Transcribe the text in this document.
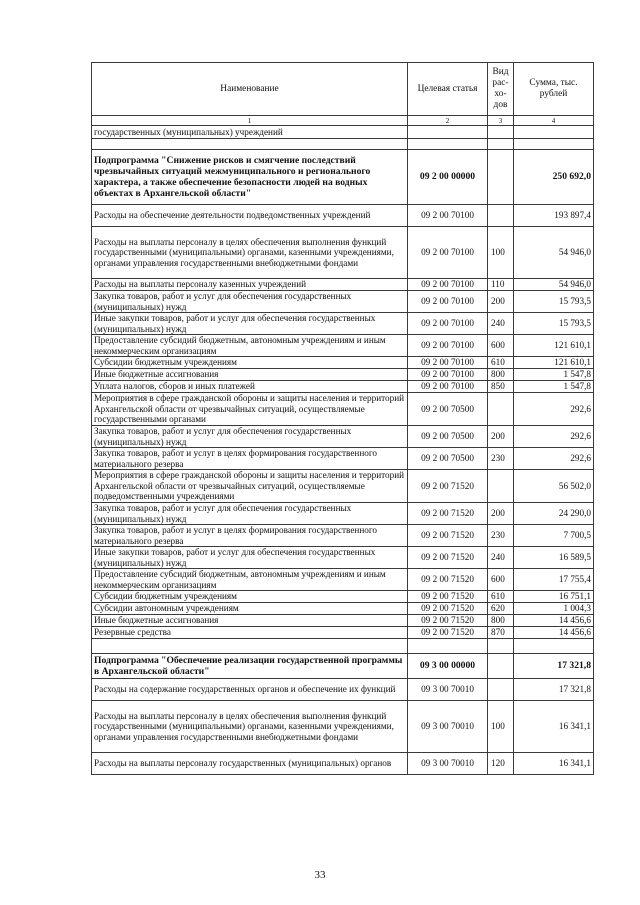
Наименование	Целевая статья	Вид рас-хо-дов	Сумма, тыс. рублей
1	2	3	4
государственных (муниципальных) учреждений			

Подпрограмма "Снижение рисков и смягчение последствий чрезвычайных ситуаций межмуниципального и регионального характера, а также обеспечение безопасности людей на водных объектах в Архангельской области"	09 2 00 00000		250 692,0
Расходы на обеспечение деятельности подведомственных учреждений	09 2 00 70100		193 897,4
Расходы на выплаты персоналу в целях обеспечения выполнения функций государственными (муниципальными) органами, казенными учреждениями, органами управления государственными внебюджетными фондами	09 2 00 70100	100	54 946,0
Расходы на выплаты персоналу казенных учреждений	09 2 00 70100	110	54 946,0
Закупка товаров, работ и услуг для обеспечения государственных (муниципальных) нужд	09 2 00 70100	200	15 793,5
Иные закупки товаров, работ и услуг для обеспечения государственных (муниципальных) нужд	09 2 00 70100	240	15 793,5
Предоставление субсидий бюджетным, автономным учреждениям и иным некоммерческим организациям	09 2 00 70100	600	121 610,1
Субсидии бюджетным учреждениям	09 2 00 70100	610	121 610,1
Иные бюджетные ассигнования	09 2 00 70100	800	1 547,8
Уплата налогов, сборов и иных платежей	09 2 00 70100	850	1 547,8
Мероприятия в сфере гражданской обороны и защиты населения и территорий Архангельской области от чрезвычайных ситуаций, осуществляемые государственными органами	09 2 00 70500		292,6
Закупка товаров, работ и услуг для обеспечения государственных (муниципальных) нужд	09 2 00 70500	200	292,6
Закупка товаров, работ и услуг в целях формирования государственного материального резерва	09 2 00 70500	230	292,6
Мероприятия в сфере гражданской обороны и защиты населения и территорий Архангельской области от чрезвычайных ситуаций, осуществляемые подведомственными учреждениями	09 2 00 71520		56 502,0
Закупка товаров, работ и услуг для обеспечения государственных (муниципальных) нужд	09 2 00 71520	200	24 290,0
Закупка товаров, работ и услуг в целях формирования государственного материального резерва	09 2 00 71520	230	7 700,5
Иные закупки товаров, работ и услуг для обеспечения государственных (муниципальных) нужд	09 2 00 71520	240	16 589,5
Предоставление субсидий бюджетным, автономным учреждениям и иным некоммерческим организациям	09 2 00 71520	600	17 755,4
Субсидии бюджетным учреждениям	09 2 00 71520	610	16 751,1
Субсидии автономным учреждениям	09 2 00 71520	620	1 004,3
Иные бюджетные ассигнования	09 2 00 71520	800	14 456,6
Резервные средства	09 2 00 71520	870	14 456,6

Подпрограмма "Обеспечение реализации государственной программы в Архангельской области"	09 3 00 00000		17 321,8
Расходы на содержание государственных органов и обеспечение их функций	09 3 00 70010		17 321,8
Расходы на выплаты персоналу в целях обеспечения выполнения функций государственными (муниципальными) органами, казенными учреждениями, органами управления государственными внебюджетными фондами	09 3 00 70010	100	16 341,1
Расходы на выплаты персоналу государственных (муниципальных) органов	09 3 00 70010	120	16 341,1
33
